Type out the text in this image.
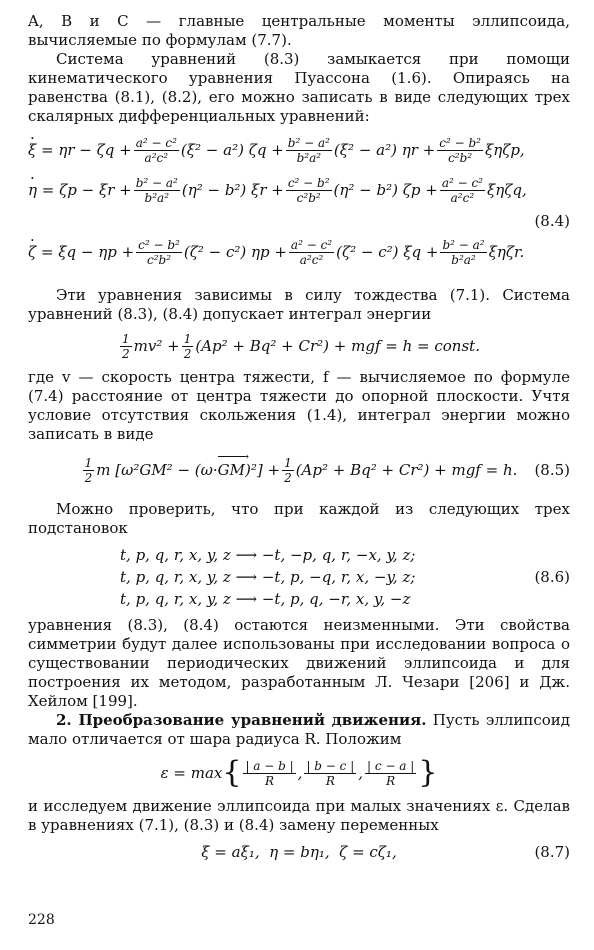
A, B и C — главные центральные моменты эллипсоида, вычисляемые по формулам (7.7).

Система уравнений (8.3) замыкается при помощи кинематического уравнения Пуассона (1.6). Опираясь на равенства (8.1), (8.2), его можно записать в виде следующих трех скалярных дифференциальных уравнений:

· $\xi = \eta r - \zeta q + \frac{\text{a² − c²}}{\text{a²c²}} (\xi^2 - a^2) \zeta q + \frac{\text{b² − a²}}{\text{b²a²}} (\xi^2 - a^2) \eta r + \frac{\text{c² − b²}}{\text{c²b²}} \xi\eta\zeta p$,
· $\eta = \zeta p - \xi r + \frac{\text{b² − a²}}{\text{b²a²}} (\eta^2 - b^2) \xi r + \frac{\text{c² − b²}}{\text{c²b²}} (\eta^2 - b^2) \zeta p + \frac{\text{a² − c²}}{\text{a²c²}} \xi\eta\zeta q$,
(8.4)
· $\zeta = \xi q - \eta p + \frac{\text{c² − b²}}{\text{c²b²}} (\zeta^2 - c^2) \eta p + \frac{\text{a² − c²}}{\text{a²c²}} (\zeta^2 - c^2) \xi q + \frac{\text{b² − a²}}{\text{b²a²}} \xi\eta\zeta r$.

Эти уравнения зависимы в силу тождества (7.1). Система уравнений (8.3), (8.4) допускает интеграл энергии

$\frac{1}{2} mv^2 + \frac{1}{2} (Ap^2 + Bq^2 + Cr^2)$ + mgf = h = const.

где v — скорость центра тяжести, f — вычисляемое по формуле (7.4) расстояние от центра тяжести до опорной плоскости. Учтя условие отсутствия скольжения (1.4), интеграл энергии можно записать в виде

$\frac{1}{2}$ m [ω²GM² − (ω· GM → )$^2] + \frac{1}{2} (Ap^2 + Bq^2 + Cr^2)$ + mgf = h. (8.5)

Можно проверить, что при каждой из следующих трех подстановок

t, p, q, r, x, y, z ⟶ −t, −p, q, r, −x, y, z;
t, p, q, r, x, y, z ⟶ −t, p, −q, r, x, −y, z;	(8.6)
t, p, q, r, x, y, z ⟶ −t, p, q, −r, x, y, −z

уравнения (8.3), (8.4) остаются неизменными. Эти свойства симметрии будут далее использованы при исследовании вопроса о существовании периодических движений эллипсоида и для построения их методом, разработанным Л. Чезари [206] и Дж. Хейлом [199].

2. Преобразование уравнений движения. Пусть эллипсоид мало отличается от шара радиуса R. Положим

ε = max { $\frac{| a - b |}{R}$ , $\frac{| b - c |}{R}$ , $\frac{| c - a |}{R}$ }

и исследуем движение эллипсоида при малых значениях ε. Сделав в уравнениях (7.1), (8.3) и (8.4) замену переменных

ξ = aξ₁,  η = bη₁,  ζ = cζ₁,	(8.7)
228
